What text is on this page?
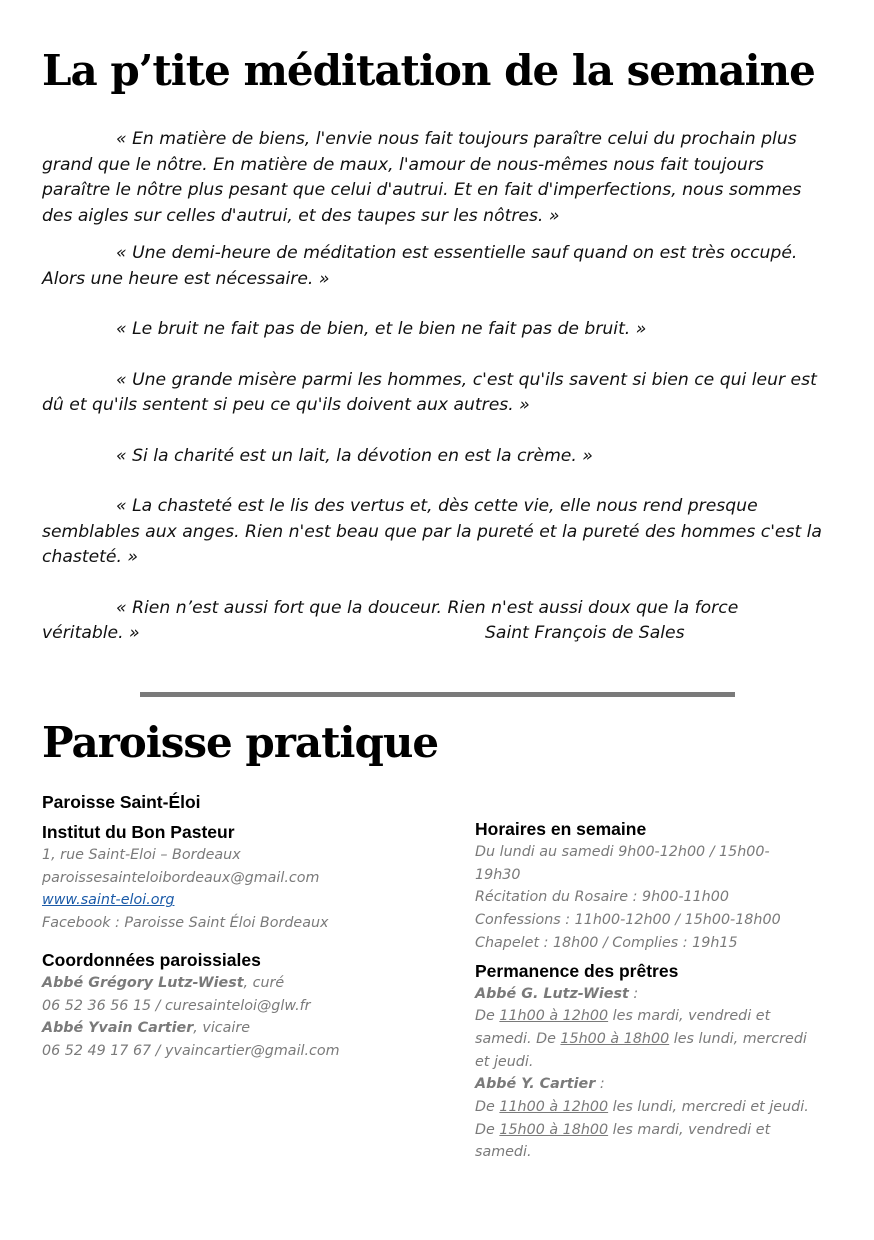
La p’tite méditation de la semaine

« En matière de biens, l'envie nous fait toujours paraître celui du prochain plus grand que le nôtre. En matière de maux, l'amour de nous-mêmes nous fait toujours paraître le nôtre plus pesant que celui d'autrui. Et en fait d'imperfections, nous sommes des aigles sur celles d'autrui, et des taupes sur les nôtres. »

« Une demi-heure de méditation est essentielle sauf quand on est très occupé. Alors une heure est nécessaire. »

« Le bruit ne fait pas de bien, et le bien ne fait pas de bruit. »

« Une grande misère parmi les hommes, c'est qu'ils savent si bien ce qui leur est dû et qu'ils sentent si peu ce qu'ils doivent aux autres. »

« Si la charité est un lait, la dévotion en est la crème. »

« La chasteté est le lis des vertus et, dès cette vie, elle nous rend presque semblables aux anges. Rien n'est beau que par la pureté et la pureté des hommes c'est la chasteté. »

« Rien n’est aussi fort que la douceur. Rien n'est aussi doux que la force véritable. »	Saint François de Sales
Paroisse pratique
Paroisse Saint-Éloi
Institut du Bon Pasteur

1, rue Saint-Eloi – Bordeaux

paroissesainteloibordeaux@gmail.com

www.saint-eloi.org

Facebook : Paroisse Saint Éloi Bordeaux

Coordonnées paroissiales

Abbé Grégory Lutz-Wiest, curé

06 52 36 56 15 / curesainteloi@glw.fr

Abbé Yvain Cartier, vicaire

06 52 49 17 67 / yvaincartier@gmail.com

Horaires en semaine

Du lundi au samedi 9h00-12h00 / 15h00-19h30

Récitation du Rosaire : 9h00-11h00

Confessions : 11h00-12h00 / 15h00-18h00

Chapelet : 18h00 / Complies : 19h15

Permanence des prêtres

Abbé G. Lutz-Wiest :

De 11h00 à 12h00 les mardi, vendredi et samedi. De 15h00 à 18h00 les lundi, mercredi et jeudi.

Abbé Y. Cartier :

De 11h00 à 12h00 les lundi, mercredi et jeudi. De 15h00 à 18h00 les mardi, vendredi et samedi.
